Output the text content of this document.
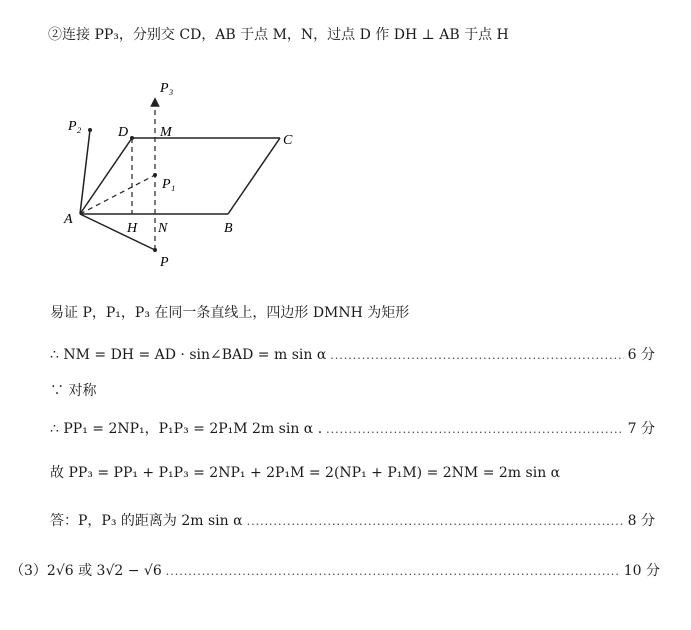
②连接 PP₃，分别交 CD，AB 于点 M，N，过点 D 作 DH ⊥ AB 于点 H
P₃
P₂	D M
C
P₁
A
H N	B
P
易证 P，P₁，P₃ 在同一条直线上，四边形 DMNH 为矩形
∴ NM = DH = AD · sin∠BAD = m sin α .....	6 分
∵ 对称
∴ PP₁ = 2NP₁，P₁P₃ = 2P₁M 2m sin α . .....	7 分
故 PP₃ = PP₁ + P₁P₃ = 2NP₁ + 2P₁M = 2(NP₁ + P₁M) = 2NM = 2m sin α
答：P，P₃ 的距离为 2m sin α .....	8 分
（3）2√6 或 3√2 − √6 .....	10 分
